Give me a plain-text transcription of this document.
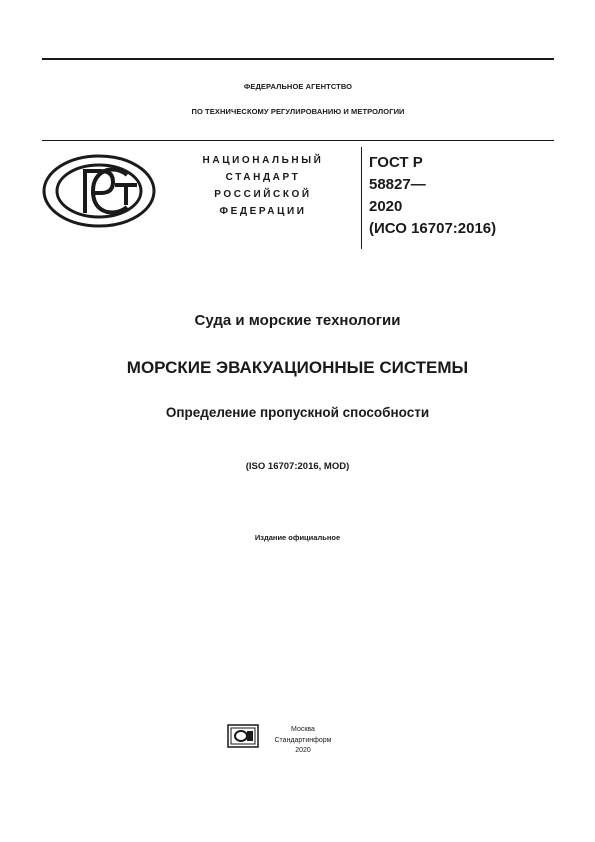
ФЕДЕРАЛЬНОЕ АГЕНТСТВО
ПО ТЕХНИЧЕСКОМУ РЕГУЛИРОВАНИЮ И МЕТРОЛОГИИ
НАЦИОНАЛЬНЫЙ
СТАНДАРТ
РОССИЙСКОЙ
ФЕДЕРАЦИИ
ГОСТ Р
58827—
2020
(ИСО 16707:2016)
Суда и морские технологии
МОРСКИЕ ЭВАКУАЦИОННЫЕ СИСТЕМЫ
Определение пропускной способности
(ISO 16707:2016, MOD)
Издание официальное
Москва
Стандартинформ
2020
